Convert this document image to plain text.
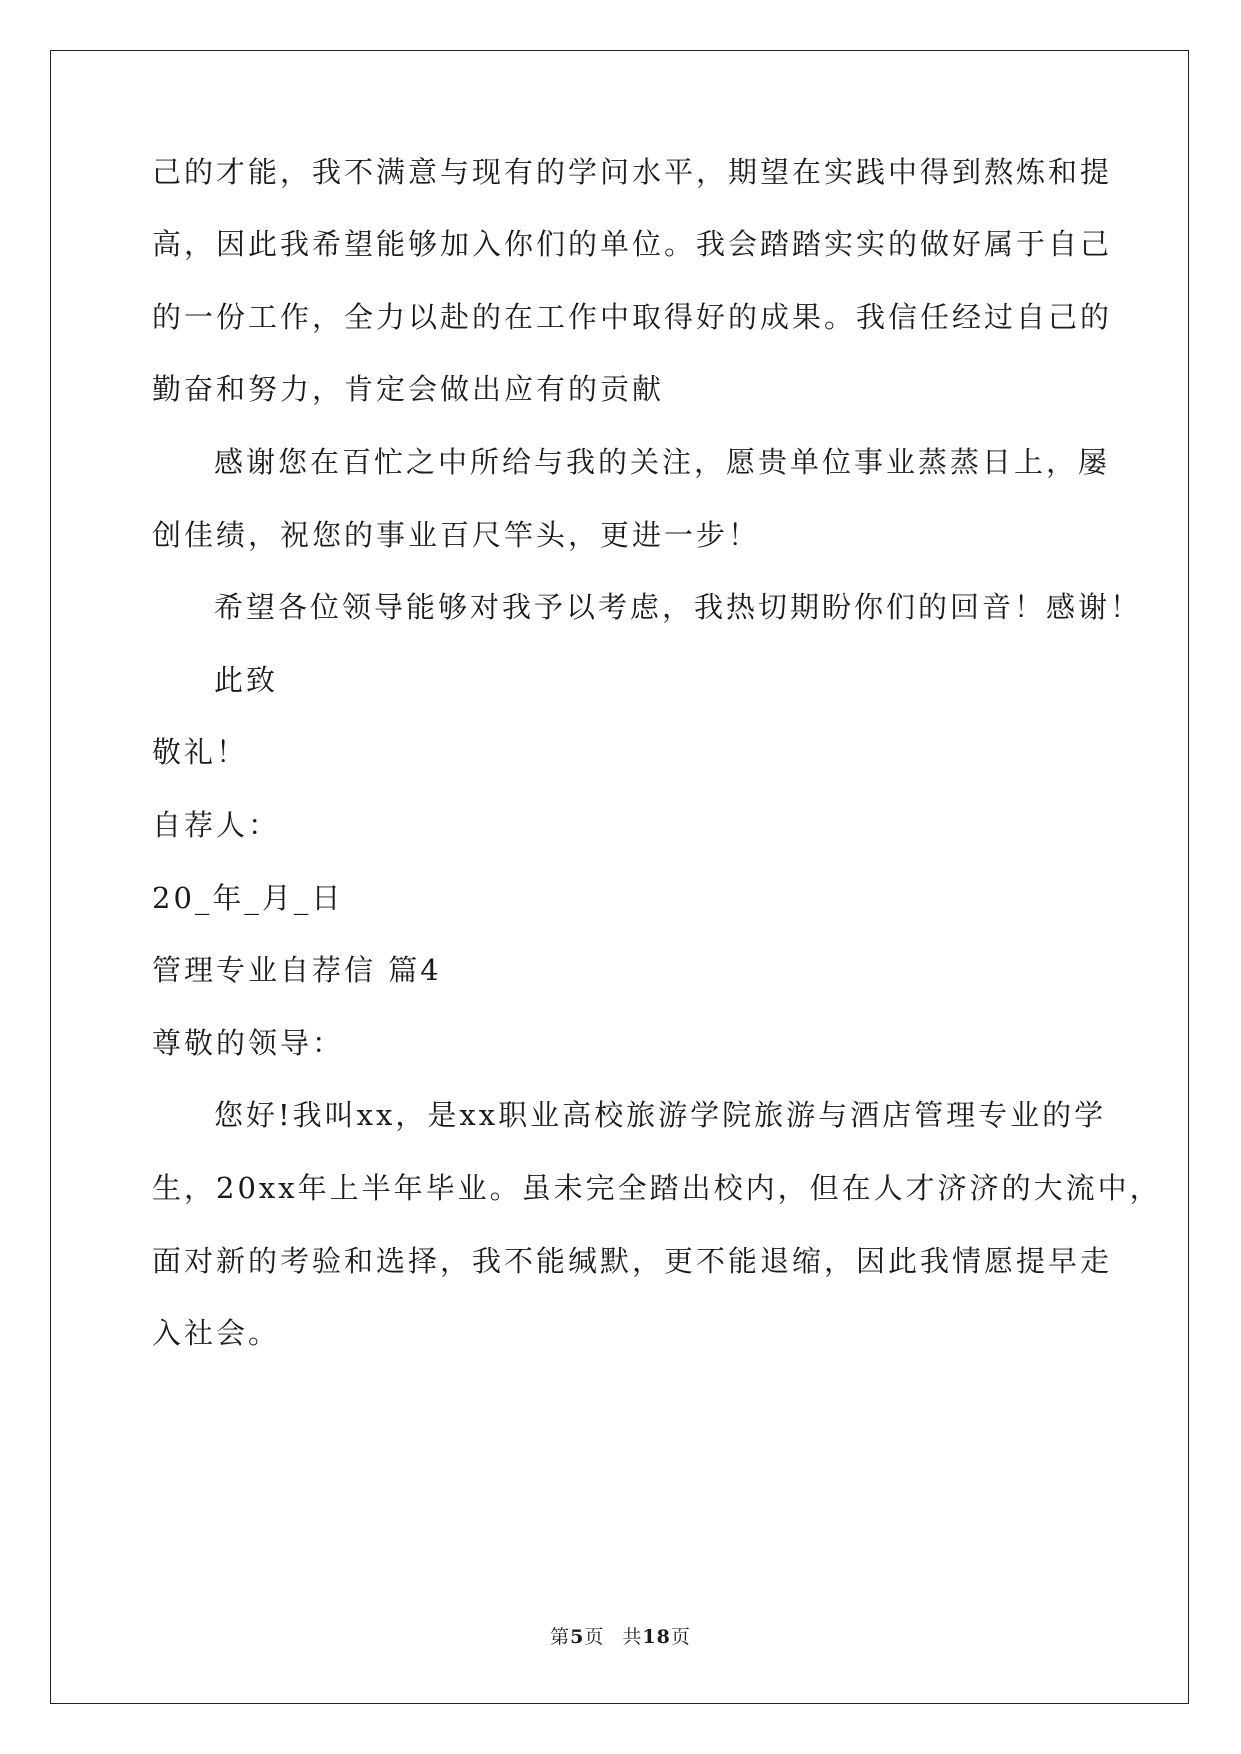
己的才能，我不满意与现有的学问水平，期望在实践中得到熬炼和提
高，因此我希望能够加入你们的单位。我会踏踏实实的做好属于自己
的一份工作，全力以赴的在工作中取得好的成果。我信任经过自己的
勤奋和努力，肯定会做出应有的贡献
感谢您在百忙之中所给与我的关注，愿贵单位事业蒸蒸日上，屡
创佳绩，祝您的事业百尺竿头，更进一步！
希望各位领导能够对我予以考虑，我热切期盼你们的回音！感谢！
此致
敬礼！
自荐人：
20_年_月_日
管理专业自荐信 篇4
尊敬的领导：
您好!我叫xx，是xx职业高校旅游学院旅游与酒店管理专业的学
生，20xx年上半年毕业。虽未完全踏出校内，但在人才济济的大流中，
面对新的考验和选择，我不能缄默，更不能退缩，因此我情愿提早走
入社会。
第5页 共18页
